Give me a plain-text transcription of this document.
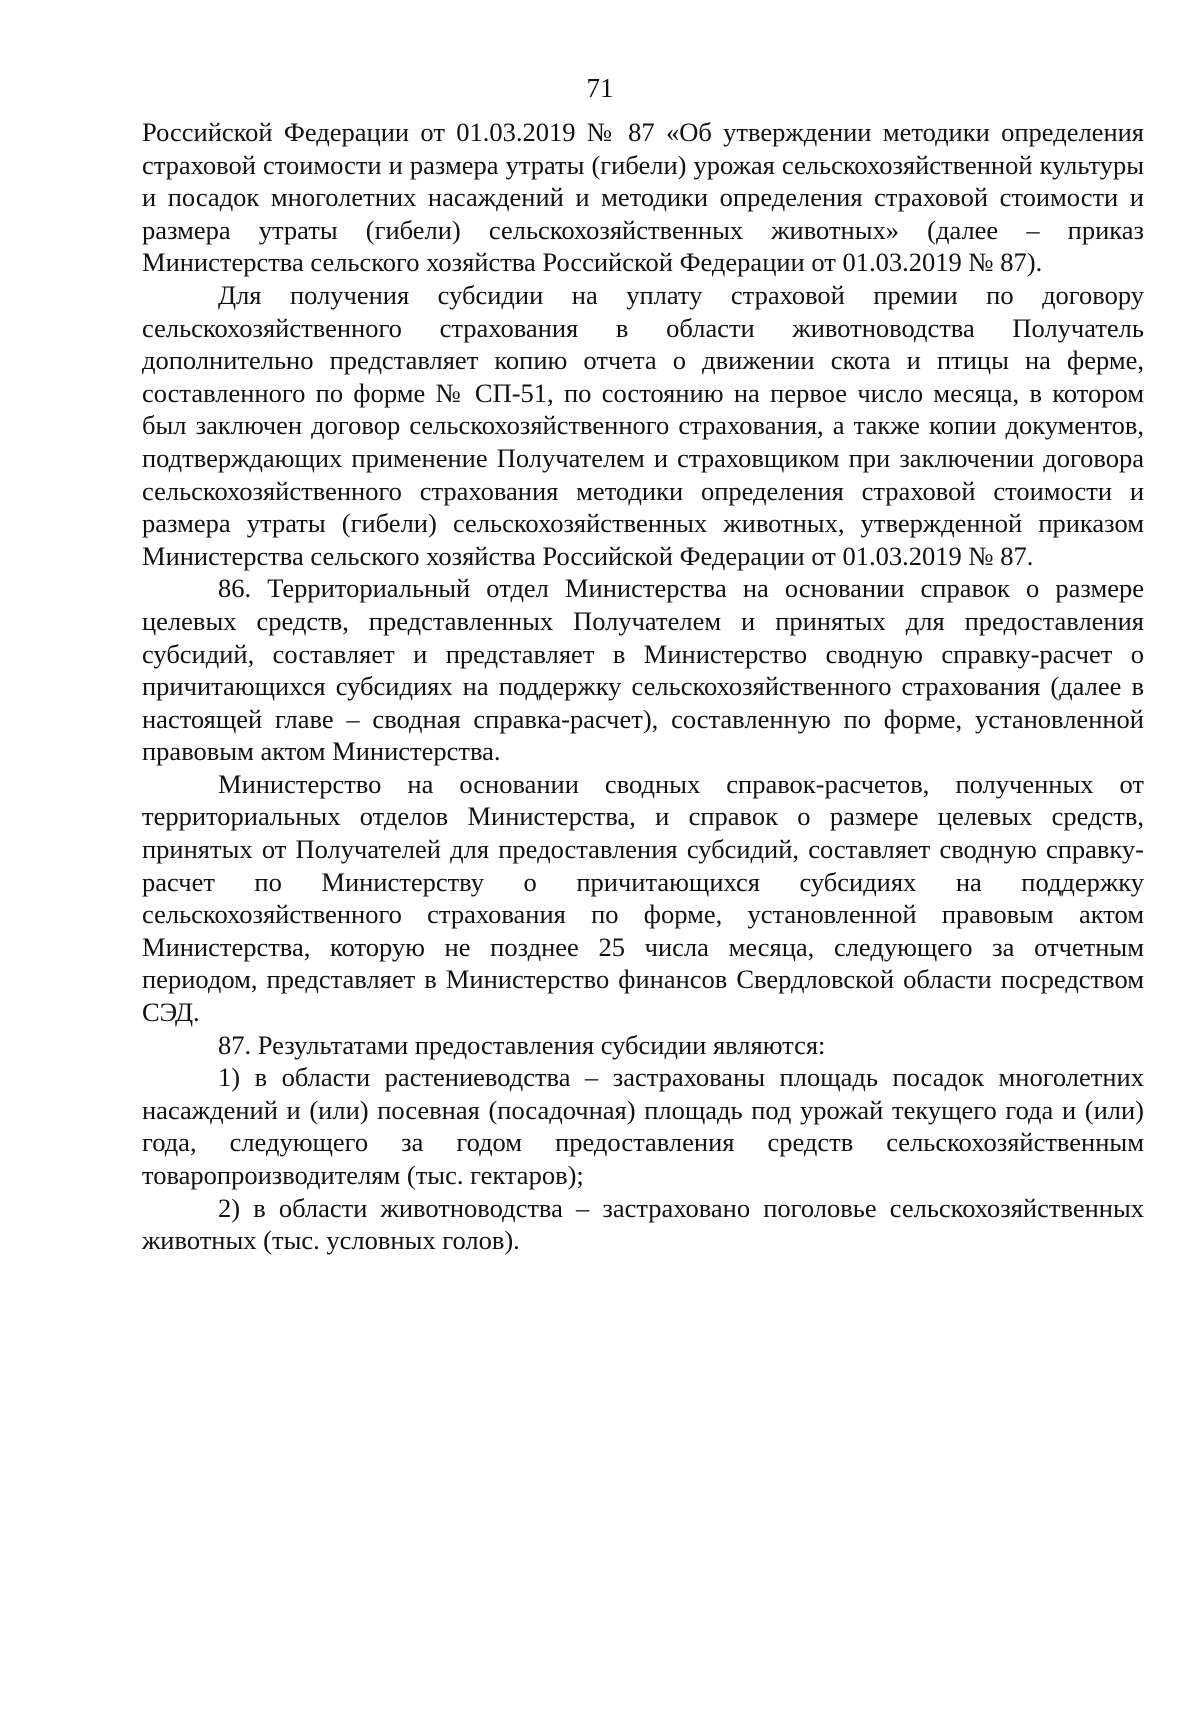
71

Российской Федерации от 01.03.2019 № 87 «Об утверждении методики определения страховой стоимости и размера утраты (гибели) урожая сельскохозяйственной культуры и посадок многолетних насаждений и методики определения страховой стоимости и размера утраты (гибели) сельскохозяйственных животных» (далее – приказ Министерства сельского хозяйства Российской Федерации от 01.03.2019 № 87).

Для получения субсидии на уплату страховой премии по договору сельскохозяйственного страхования в области животноводства Получатель дополнительно представляет копию отчета о движении скота и птицы на ферме, составленного по форме № СП-51, по состоянию на первое число месяца, в котором был заключен договор сельскохозяйственного страхования, а также копии документов, подтверждающих применение Получателем и страховщиком при заключении договора сельскохозяйственного страхования методики определения страховой стоимости и размера утраты (гибели) сельскохозяйственных животных, утвержденной приказом Министерства сельского хозяйства Российской Федерации от 01.03.2019 № 87.

86. Территориальный отдел Министерства на основании справок о размере целевых средств, представленных Получателем и принятых для предоставления субсидий, составляет и представляет в Министерство сводную справку-расчет о причитающихся субсидиях на поддержку сельскохозяйственного страхования (далее в настоящей главе – сводная справка-расчет), составленную по форме, установленной правовым актом Министерства.

Министерство на основании сводных справок-расчетов, полученных от территориальных отделов Министерства, и справок о размере целевых средств, принятых от Получателей для предоставления субсидий, составляет сводную справку-расчет по Министерству о причитающихся субсидиях на поддержку сельскохозяйственного страхования по форме, установленной правовым актом Министерства, которую не позднее 25 числа месяца, следующего за отчетным периодом, представляет в Министерство финансов Свердловской области посредством СЭД.

87. Результатами предоставления субсидии являются:

1) в области растениеводства – застрахованы площадь посадок многолетних насаждений и (или) посевная (посадочная) площадь под урожай текущего года и (или) года, следующего за годом предоставления средств сельскохозяйственным товаропроизводителям (тыс. гектаров);

2) в области животноводства – застраховано поголовье сельскохозяйственных животных (тыс. условных голов).
